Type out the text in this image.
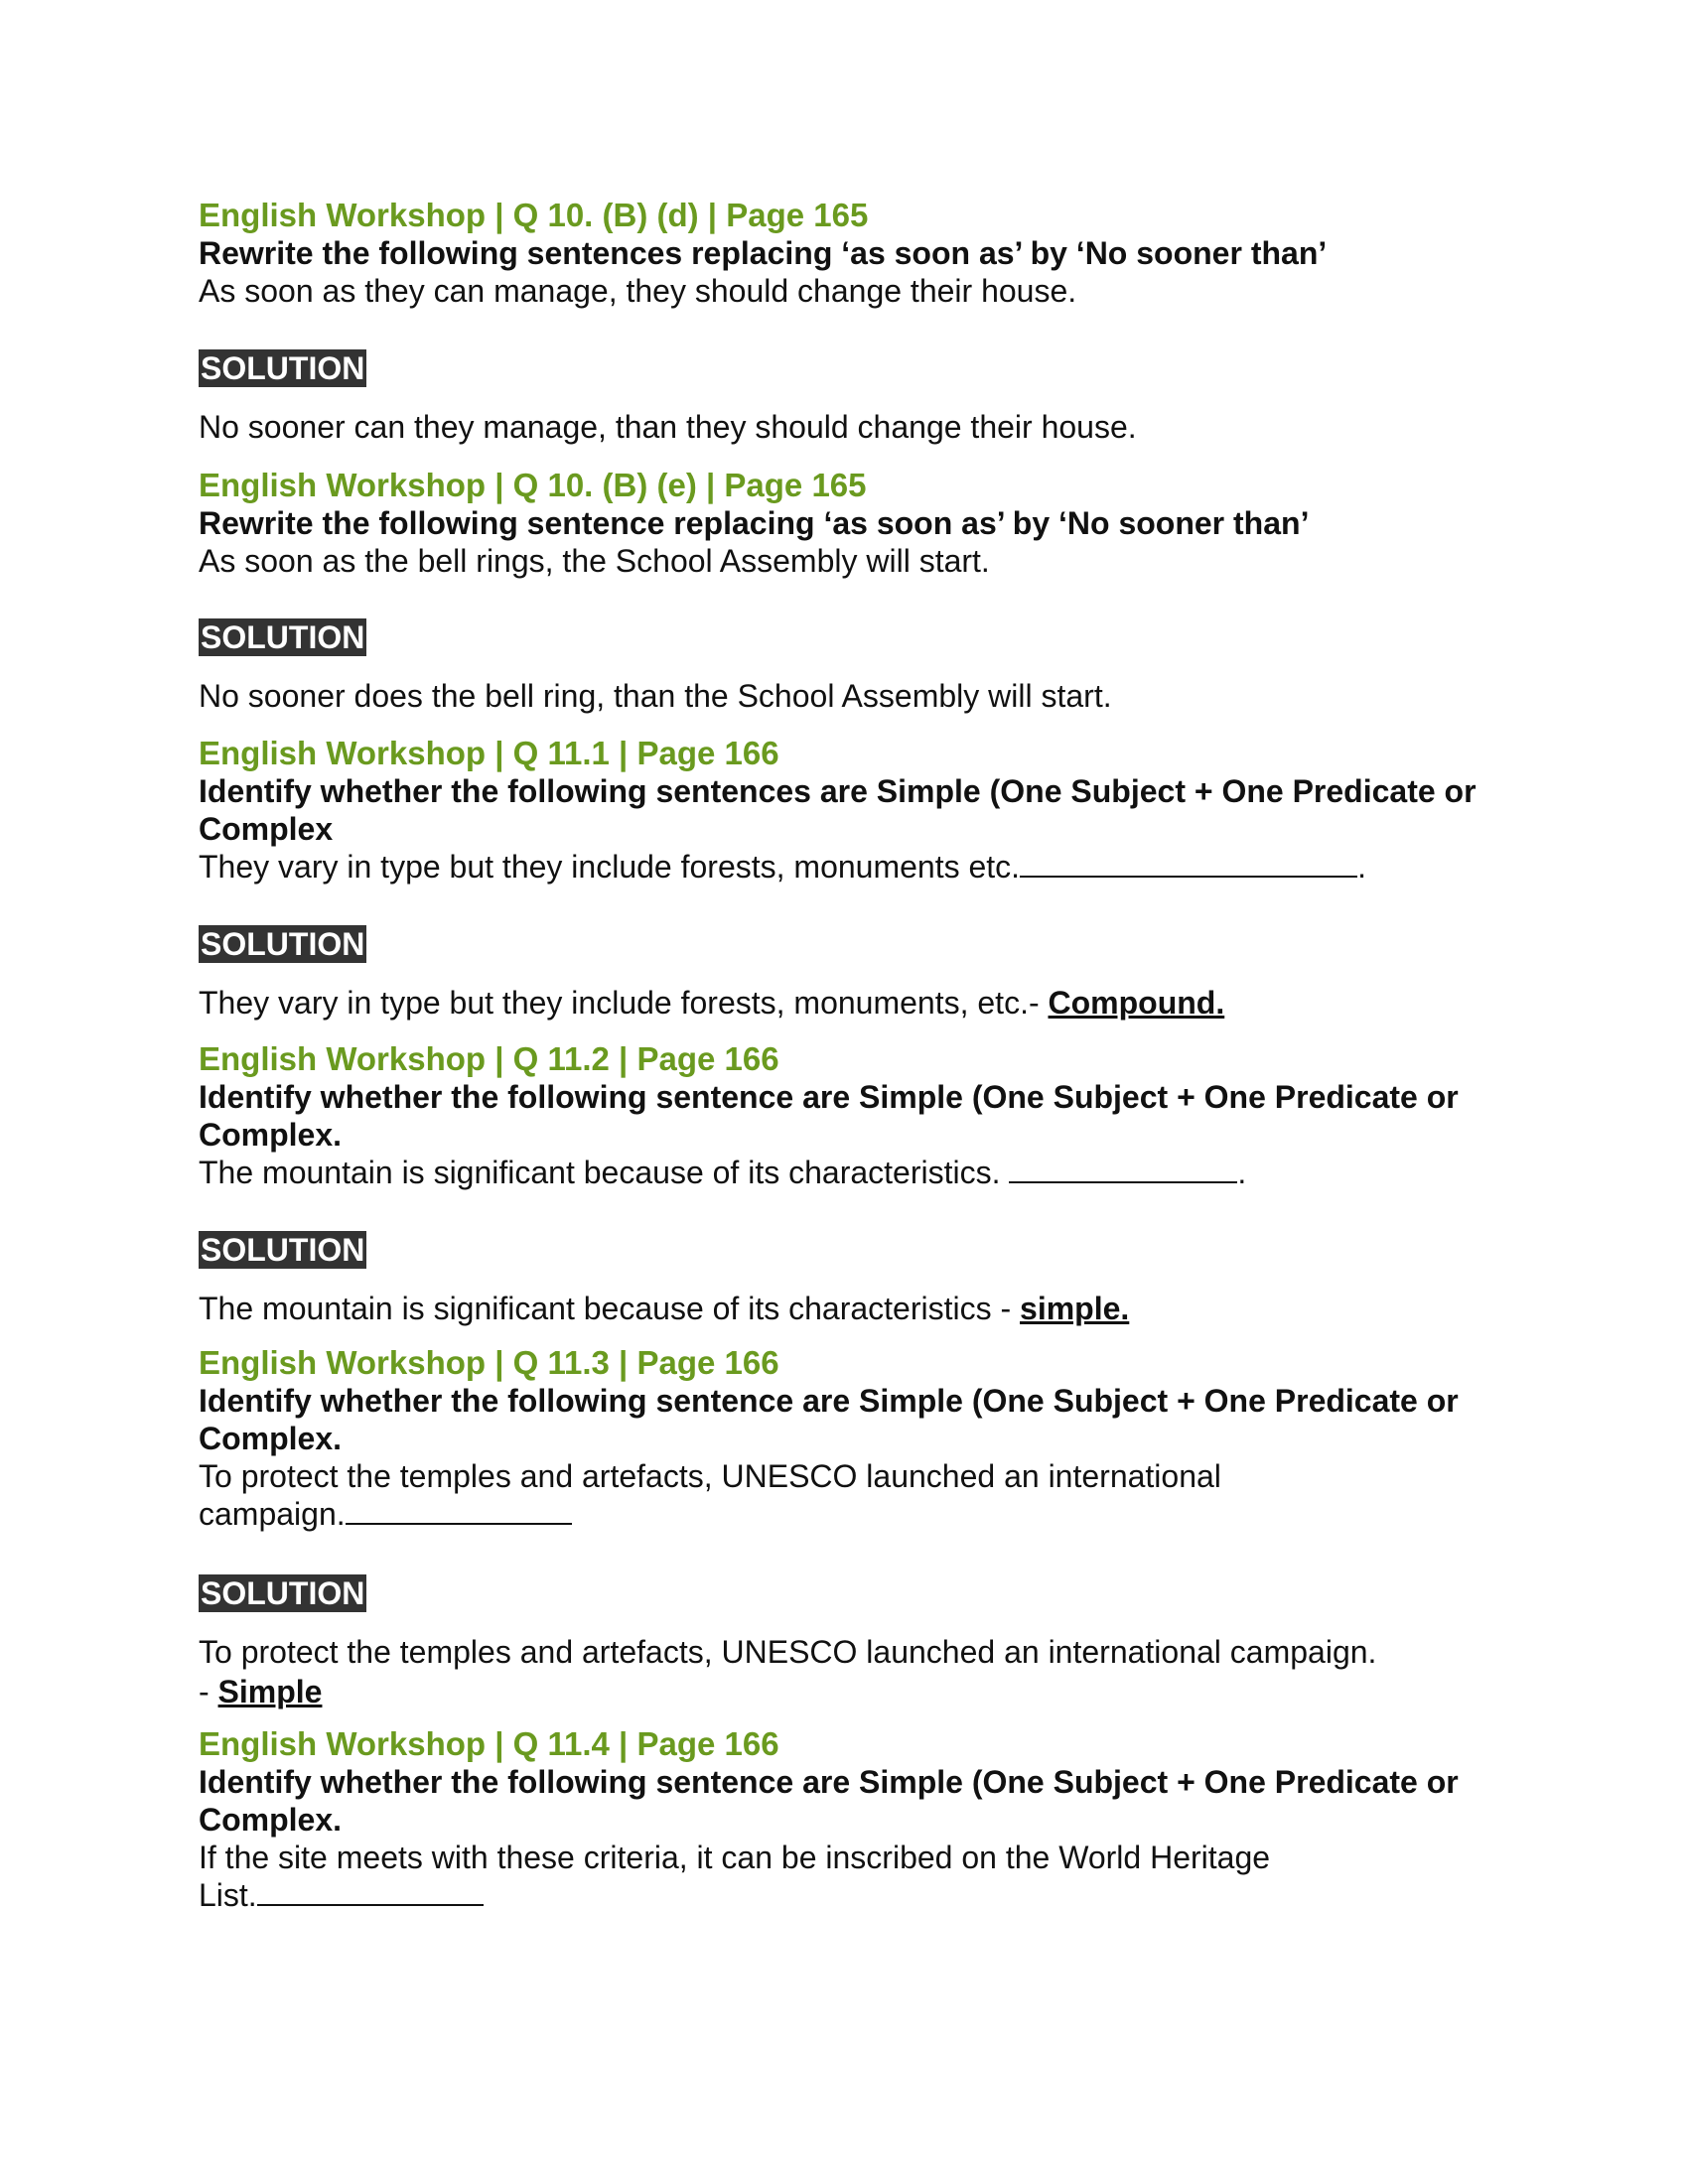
English Workshop | Q 10. (B) (d) | Page 165
Rewrite the following sentences replacing ‘as soon as’ by ‘No sooner than’
As soon as they can manage, they should change their house.
SOLUTION
No sooner can they manage, than they should change their house.
English Workshop | Q 10. (B) (e) | Page 165
Rewrite the following sentence replacing ‘as soon as’ by ‘No sooner than’
As soon as the bell rings, the School Assembly will start.
SOLUTION
No sooner does the bell ring, than the School Assembly will start.
English Workshop | Q 11.1 | Page 166
Identify whether the following sentences are Simple (One Subject + One Predicate or Complex
They vary in type but they include forests, monuments etc.	.
SOLUTION
They vary in type but they include forests, monuments, etc.- Compound.
English Workshop | Q 11.2 | Page 166
Identify whether the following sentence are Simple (One Subject + One Predicate or Complex.
The mountain is significant because of its characteristics.	.
SOLUTION
The mountain is significant because of its characteristics - simple.
English Workshop | Q 11.3 | Page 166
Identify whether the following sentence are Simple (One Subject + One Predicate or Complex.
To protect the temples and artefacts, UNESCO launched an international
campaign.
SOLUTION
To protect the temples and artefacts, UNESCO launched an international campaign.
- Simple
English Workshop | Q 11.4 | Page 166
Identify whether the following sentence are Simple (One Subject + One Predicate or Complex.
If the site meets with these criteria, it can be inscribed on the World Heritage
List.
